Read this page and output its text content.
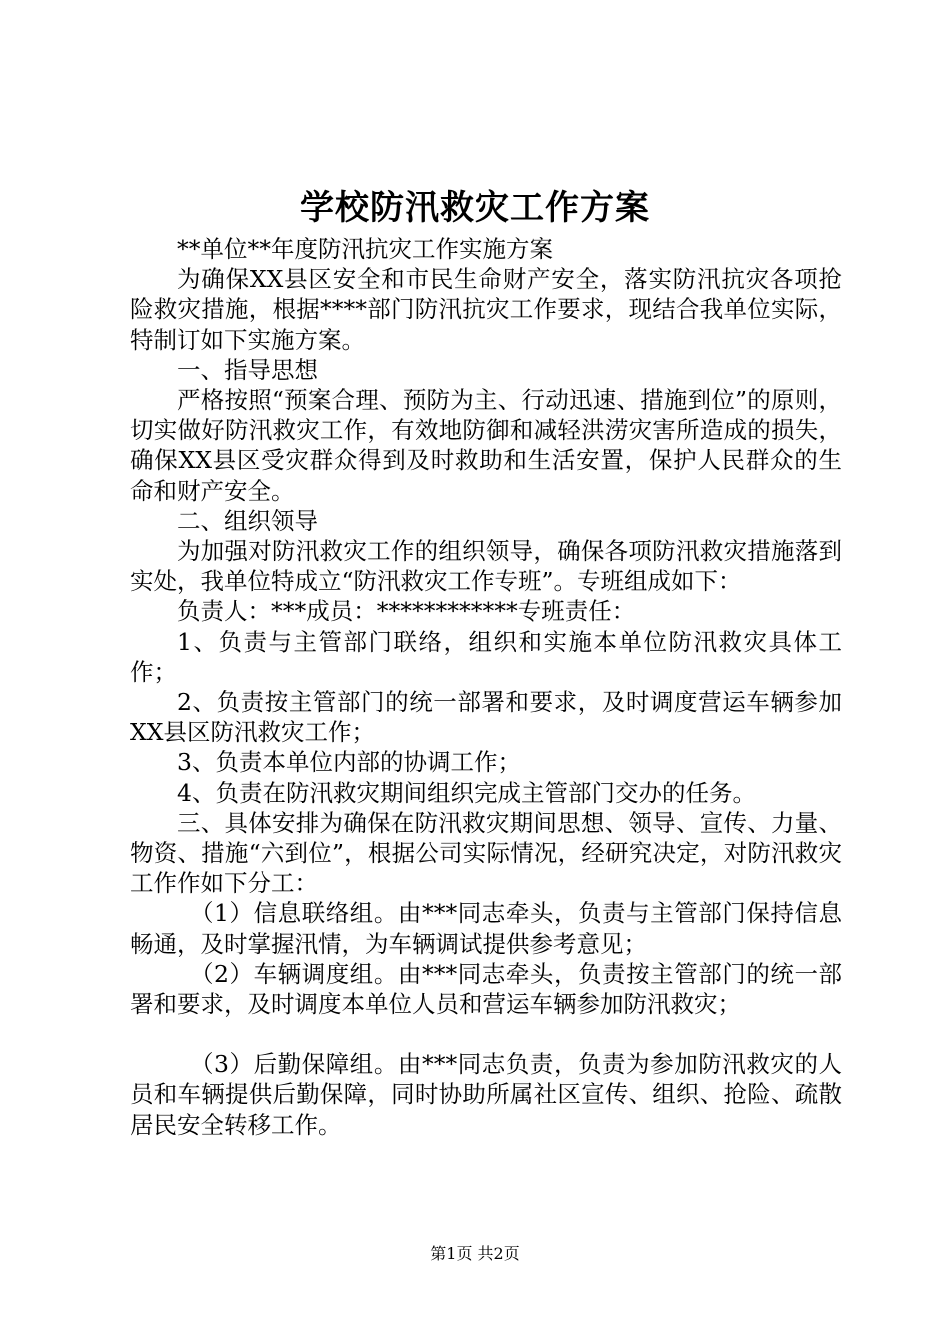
学校防汛救灾工作方案

**单位**年度防汛抗灾工作实施方案

为确保XX县区安全和市民生命财产安全，落实防汛抗灾各项抢险救灾措施，根据****部门防汛抗灾工作要求，现结合我单位实际，特制订如下实施方案。

一、指导思想

严格按照“预案合理、预防为主、行动迅速、措施到位”的原则，切实做好防汛救灾工作，有效地防御和减轻洪涝灾害所造成的损失，确保XX县区受灾群众得到及时救助和生活安置，保护人民群众的生命和财产安全。

二、组织领导

为加强对防汛救灾工作的组织领导，确保各项防汛救灾措施落到实处，我单位特成立“防汛救灾工作专班”。专班组成如下：

负责人：***成员：************专班责任：

1、负责与主管部门联络，组织和实施本单位防汛救灾具体工作；

2、负责按主管部门的统一部署和要求，及时调度营运车辆参加XX县区防汛救灾工作；

3、负责本单位内部的协调工作；

4、负责在防汛救灾期间组织完成主管部门交办的任务。

三、具体安排为确保在防汛救灾期间思想、领导、宣传、力量、物资、措施“六到位”，根据公司实际情况，经研究决定，对防汛救灾工作作如下分工：

（1）信息联络组。由***同志牵头，负责与主管部门保持信息畅通，及时掌握汛情，为车辆调试提供参考意见；

（2）车辆调度组。由***同志牵头，负责按主管部门的统一部署和要求，及时调度本单位人员和营运车辆参加防汛救灾；

（3）后勤保障组。由***同志负责，负责为参加防汛救灾的人员和车辆提供后勤保障，同时协助所属社区宣传、组织、抢险、疏散居民安全转移工作。

第1页 共2页
